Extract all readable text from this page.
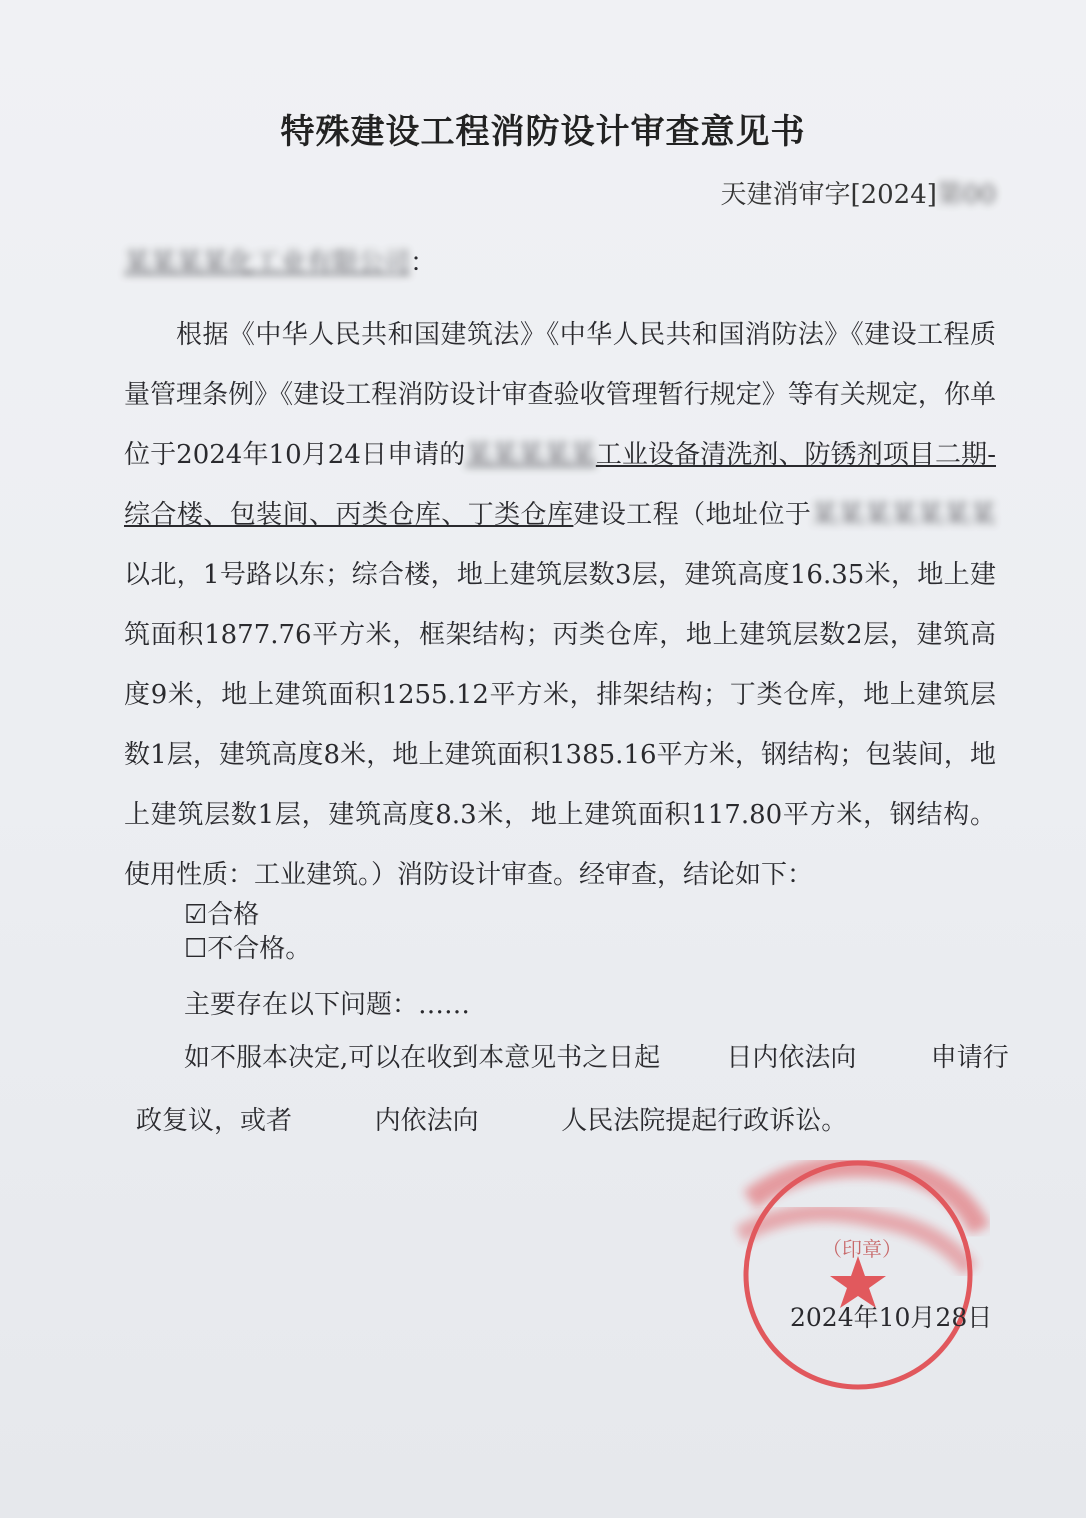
特殊建设工程消防设计审查意见书
天建消审字[2024]第00
某某某某化工业有限公司：

根据《中华人民共和国建筑法》《中华人民共和国消防法》《建设工程质量管理条例》《建设工程消防设计审查验收管理暂行规定》等有关规定，你单位于2024年10月24日申请的某某某某某工业设备清洗剂、防锈剂项目二期-综合楼、包装间、丙类仓库、丁类仓库建设工程（地址位于某某某某某某某以北，1号路以东；综合楼，地上建筑层数3层，建筑高度16.35米，地上建筑面积1877.76平方米，框架结构；丙类仓库，地上建筑层数2层，建筑高度9米，地上建筑面积1255.12平方米，排架结构；丁类仓库，地上建筑层数1层，建筑高度8米，地上建筑面积1385.16平方米，钢结构；包装间，地上建筑层数1层，建筑高度8.3米，地上建筑面积117.80平方米，钢结构。使用性质：工业建筑。）消防设计审查。经审查，结论如下：

☑合格
☐不合格。
主要存在以下问题：……
如不服本决定,可以在收到本意见书之日起        日内依法向         申请行
政复议，或者          内依法向          人民法院提起行政诉讼。
（印章）
2024年10月28日
